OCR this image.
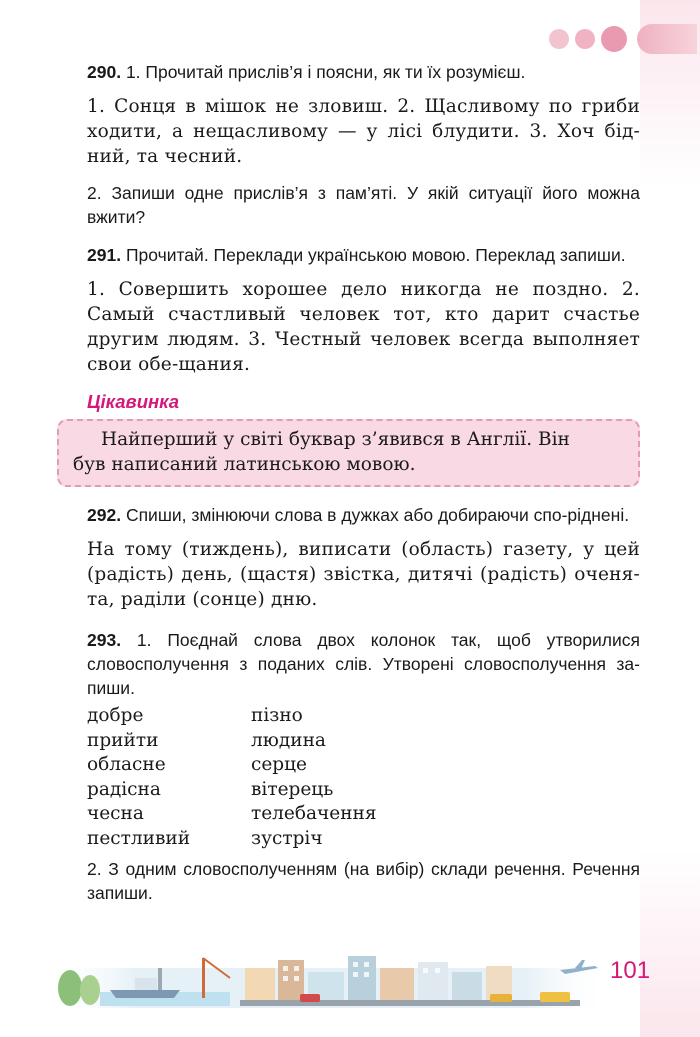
290. 1. Прочитай прислів’я і поясни, як ти їх розумієш.

1. Сонця в мішок не зловиш. 2. Щасливому по гриби ходити, а нещасливому — у лісі блудити. 3. Хоч бід-ний, та чесний.

2. Запиши одне прислів’я з пам’яті. У якій ситуації його можна вжити?

291. Прочитай. Переклади українською мовою. Переклад запиши.

1. Совершить хорошее дело никогда не поздно. 2. Самый счастливый человек тот, кто дарит счастье другим людям. 3. Честный человек всегда выполняет свои обе-щания.

Цікавинка
Найперший у світі буквар з’явився в Англії. Він
був написаний латинською мовою.

292. Спиши, змінюючи слова в дужках або добираючи спо-ріднені.

На тому (тиждень), виписати (область) газету, у цей (радість) день, (щастя) звістка, дитячі (радість) оченя-та, раділи (сонце) дню.

293. 1. Поєднай слова двох колонок так, щоб утворилися словосполучення з поданих слів. Утворені словосполучення за-пиши.

добре
прийти
обласне
радісна
чесна
пестливий
пізно
людина
серце
вітерець
телебачення
зустріч

2. З одним словосполученням (на вибір) склади речення. Речення запиши.

101
